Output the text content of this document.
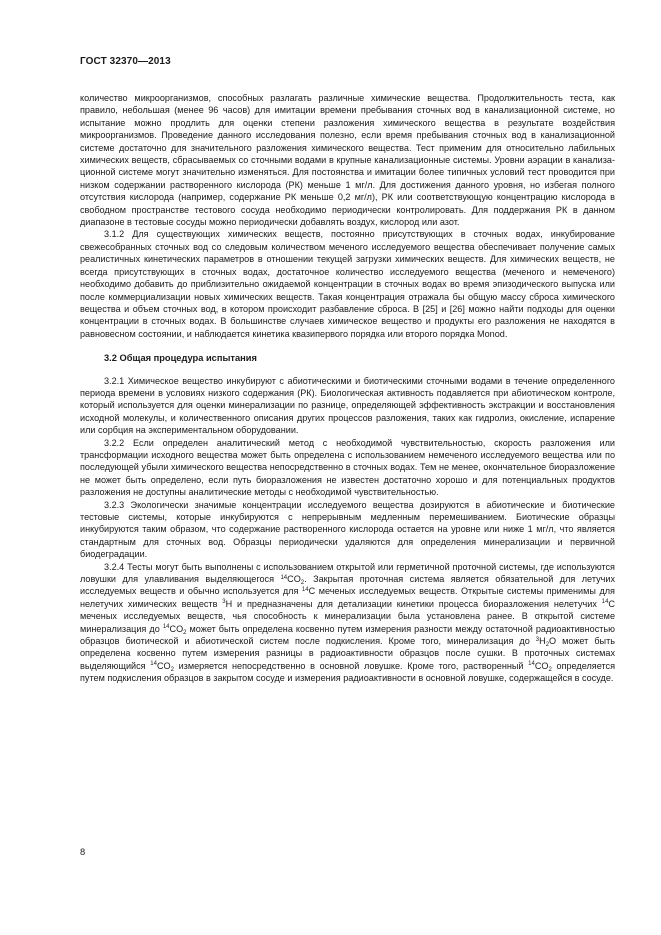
ГОСТ 32370—2013

количество микроорганизмов, способных разлагать различные химические вещества. Продолжительность теста, как правило, небольшая (менее 96 часов) для имитации времени пребывания сточных вод в канализационной системе, но испытание можно продлить для оценки степени разложения химического вещества в результате воздействия микроорганизмов. Проведение данного исследования полезно, если время пребывания сточных вод в канализационной системе достаточно для значительного разложения химического вещества. Тест применим для относительно лабильных химических веществ, сбрасываемых со сточными водами в крупные канализационные системы. Уровни аэрации в канализационной системе могут значительно изменяться. Для постоянства и имитации более типичных условий тест проводится при низком содержании растворенного кислорода (РК) меньше 1 мг/л. Для достижения данного уровня, но избегая полного отсутствия кислорода (например, содержание РК меньше 0,2 мг/л), РК или соответствующую концентрацию кислорода в свободном пространстве тестового сосуда необходимо периодически контролировать. Для поддержания РК в данном диапазоне в тестовые сосуды можно периодически добавлять воздух, кислород или азот.

3.1.2 Для существующих химических веществ, постоянно присутствующих в сточных водах, инкубирование свежесобранных сточных вод со следовым количеством меченого исследуемого вещества обеспечивает получение самых реалистичных кинетических параметров в отношении текущей загрузки химических веществ. Для химических веществ, не всегда присутствующих в сточных водах, достаточное количество исследуемого вещества (меченого и немеченого) необходимо добавить до приблизительно ожидаемой концентрации в сточных водах во время эпизодического выпуска или после коммерциализации новых химических веществ. Такая концентрация отражала бы общую массу сброса химического вещества и объем сточных вод, в котором происходит разбавление сброса. В [25] и [26] можно найти подходы для оценки концентрации в сточных водах. В большинстве случаев химическое вещество и продукты его разложения не находятся в равновесном состоянии, и наблюдается кинетика квазипервого порядка или второго порядка Monod.

3.2 Общая процедура испытания

3.2.1 Химическое вещество инкубируют с абиотическими и биотическими сточными водами в течение определенного периода времени в условиях низкого содержания (РК). Биологическая активность подавляется при абиотическом контроле, который используется для оценки минерализации по разнице, определяющей эффективность экстракции и восстановления исходной молекулы, и количественного описания других процессов разложения, таких как гидролиз, окисление, испарение или сорбция на экспериментальном оборудовании.

3.2.2 Если определен аналитический метод с необходимой чувствительностью, скорость разложения или трансформации исходного вещества может быть определена с использованием немеченого исследуемого вещества или по последующей убыли химического вещества непосредственно в сточных водах. Тем не менее, окончательное биоразложение не может быть определено, если путь биоразложения не известен достаточно хорошо и для потенциальных продуктов разложения не доступны аналитические методы с необходимой чувствительностью.

3.2.3 Экологически значимые концентрации исследуемого вещества дозируются в абиотические и биотические тестовые системы, которые инкубируются с непрерывным медленным перемешиванием. Биотические образцы инкубируются таким образом, что содержание растворенного кислорода остается на уровне или ниже 1 мг/л, что является стандартным для сточных вод. Образцы периодически удаляются для определения минерализации и первичной биодеградации.

3.2.4 Тесты могут быть выполнены с использованием открытой или герметичной проточной системы, где используются ловушки для улавливания выделяющегося $^{14}CO_2$. Закрытая проточная система является обязательной для летучих исследуемых веществ и обычно используется для $^{14}$С меченых исследуемых веществ. Открытые системы применимы для нелетучих химических веществ $^3$Н и предназначены для детализации кинетики процесса биоразложения нелетучих $^{14}$С меченых исследуемых веществ, чья способность к минерализации была установлена ранее. В открытой системе минерализация до $^{14}CO_2$ может быть определена косвенно путем измерения разности между остаточной радиоактивностью образцов биотической и абиотической систем после подкисления. Кроме того, минерализация до $^3H_2О$ может быть определена косвенно путем измерения разницы в радиоактивности образцов после сушки. В проточных системах выделяющийся $^{14}CO_2$ измеряется непосредственно в основной ловушке. Кроме того, растворенный $^{14}CO_2$ определяется путем подкисления образцов в закрытом сосуде и измерения радиоактивности в основной ловушке, содержащейся в сосуде.

8
